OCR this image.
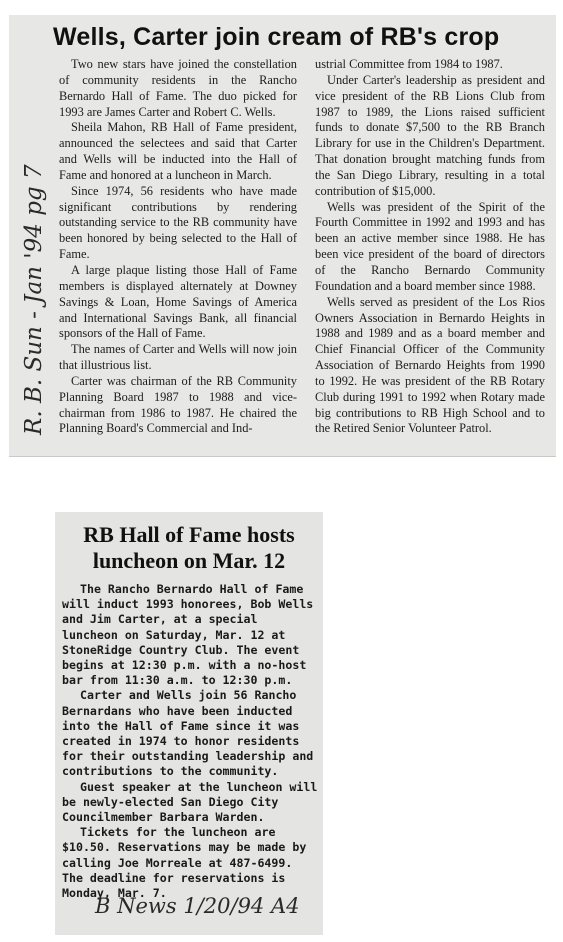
Wells, Carter join cream of RB's crop
R. B. Sun - Jan '94 pg 7

Two new stars have joined the constellation of community residents in the Rancho Bernardo Hall of Fame. The duo picked for 1993 are James Carter and Robert C. Wells.

Sheila Mahon, RB Hall of Fame president, announced the selectees and said that Carter and Wells will be inducted into the Hall of Fame and honored at a luncheon in March.

Since 1974, 56 residents who have made significant contributions by rendering outstanding service to the RB community have been honored by being selected to the Hall of Fame.

A large plaque listing those Hall of Fame members is displayed alternately at Downey Savings & Loan, Home Savings of America and International Savings Bank, all financial sponsors of the Hall of Fame.

The names of Carter and Wells will now join that illustrious list.

Carter was chairman of the RB Community Planning Board 1987 to 1988 and vice-chairman from 1986 to 1987. He chaired the Planning Board's Commercial and Ind-

ustrial Committee from 1984 to 1987.

Under Carter's leadership as president and vice president of the RB Lions Club from 1987 to 1989, the Lions raised sufficient funds to donate $7,500 to the RB Branch Library for use in the Children's Department. That donation brought matching funds from the San Diego Library, resulting in a total contribution of $15,000.

Wells was president of the Spirit of the Fourth Committee in 1992 and 1993 and has been an active member since 1988. He has been vice president of the board of directors of the Rancho Bernardo Community Foundation and a board member since 1988.

Wells served as president of the Los Rios Owners Association in Bernardo Heights in 1988 and 1989 and as a board member and Chief Financial Officer of the Community Association of Bernardo Heights from 1990 to 1992. He was president of the RB Rotary Club during 1991 to 1992 when Rotary made big contributions to RB High School and to the Retired Senior Volunteer Patrol.

RB Hall of Fame hosts luncheon on Mar. 12

The Rancho Bernardo Hall of Fame will induct 1993 honorees, Bob Wells and Jim Carter, at a special luncheon on Saturday, Mar. 12 at StoneRidge Country Club. The event begins at 12:30 p.m. with a no-host bar from 11:30 a.m. to 12:30 p.m.

Carter and Wells join 56 Rancho Bernardans who have been inducted into the Hall of Fame since it was created in 1974 to honor residents for their outstanding leadership and contributions to the community.

Guest speaker at the luncheon will be newly-elected San Diego City Councilmember Barbara Warden.

Tickets for the luncheon are $10.50. Reservations may be made by calling Joe Morreale at 487-6499. The deadline for reservations is Monday, Mar. 7.

B News 1/20/94 A4
